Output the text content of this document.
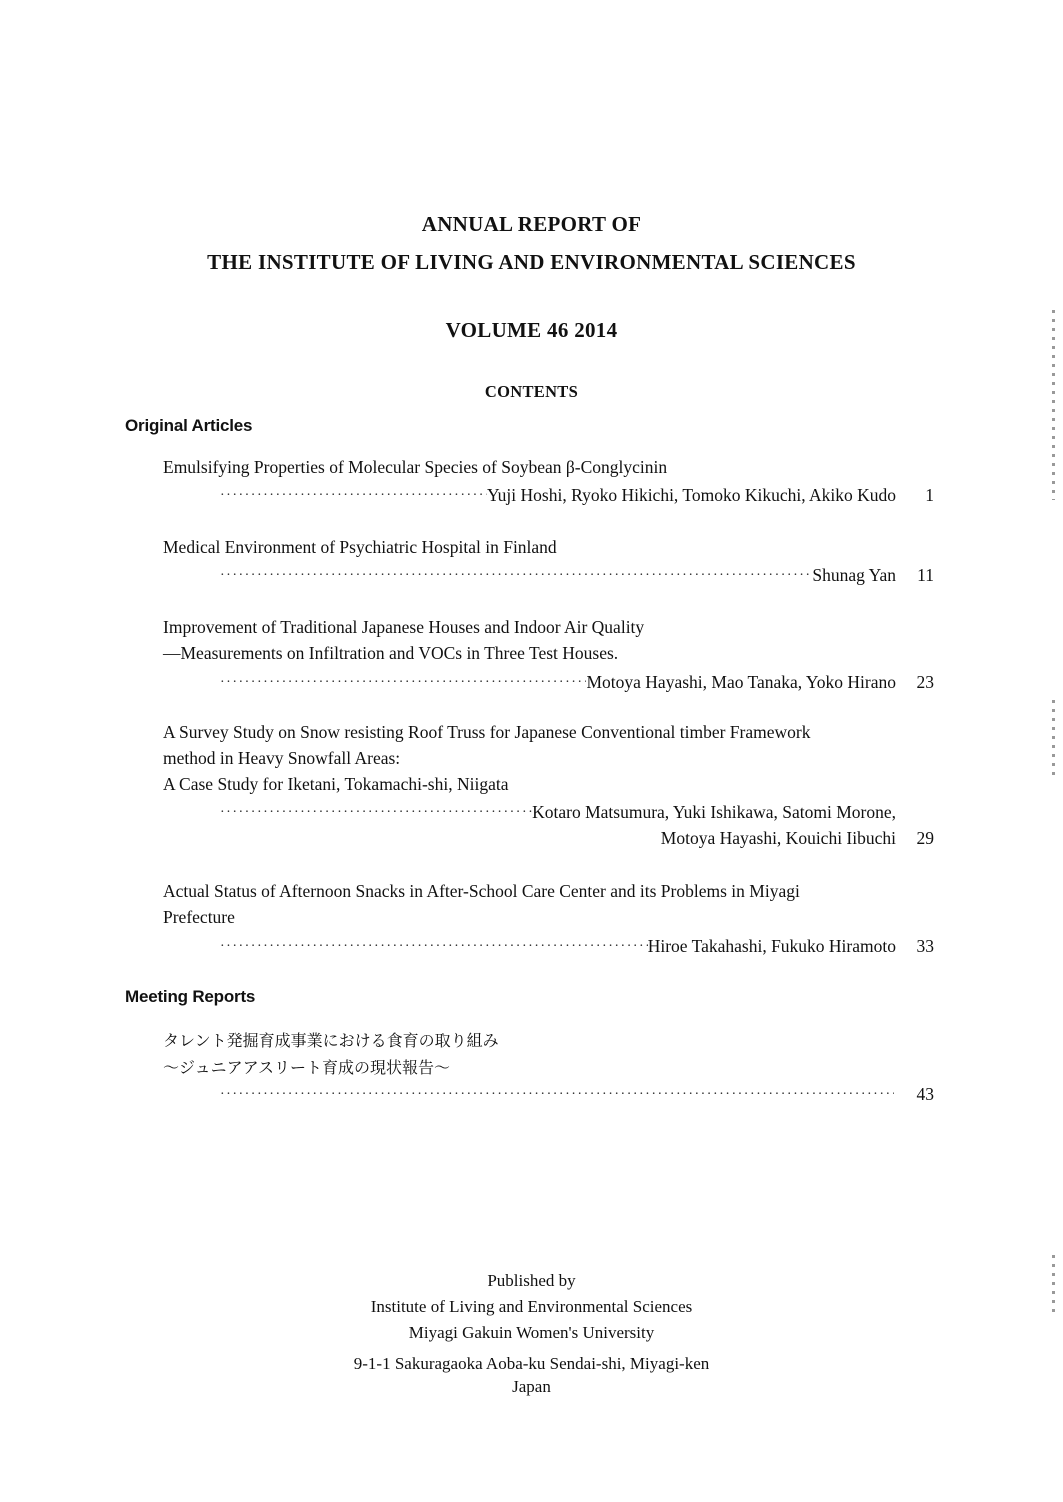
ANNUAL REPORT OF
THE INSTITUTE OF LIVING AND ENVIRONMENTAL SCIENCES
VOLUME 46 2014
CONTENTS
Original Articles
Emulsifying Properties of Molecular Species of Soybean β-Conglycinin
·····
Yuji Hoshi, Ryoko Hikichi, Tomoko Kikuchi, Akiko Kudo	1
Medical Environment of Psychiatric Hospital in Finland
·····
Shunag Yan	11
Improvement of Traditional Japanese Houses and Indoor Air Quality
—Measurements on Infiltration and VOCs in Three Test Houses.
·····
Motoya Hayashi, Mao Tanaka, Yoko Hirano	23
A Survey Study on Snow resisting Roof Truss for Japanese Conventional timber Framework
method in Heavy Snowfall Areas:
A Case Study for Iketani, Tokamachi-shi, Niigata
·····
Kotaro Matsumura, Yuki Ishikawa, Satomi Morone,
Motoya Hayashi, Kouichi Iibuchi	29
Actual Status of Afternoon Snacks in After-School Care Center and its Problems in Miyagi
Prefecture
·····
Hiroe Takahashi, Fukuko Hiramoto	33
Meeting Reports
タレント発掘育成事業における食育の取り組み
〜ジュニアアスリート育成の現状報告〜
·····
43
Published by
Institute of Living and Environmental Sciences
Miyagi Gakuin Women's University
9-1-1 Sakuragaoka Aoba-ku Sendai-shi, Miyagi-ken
Japan
